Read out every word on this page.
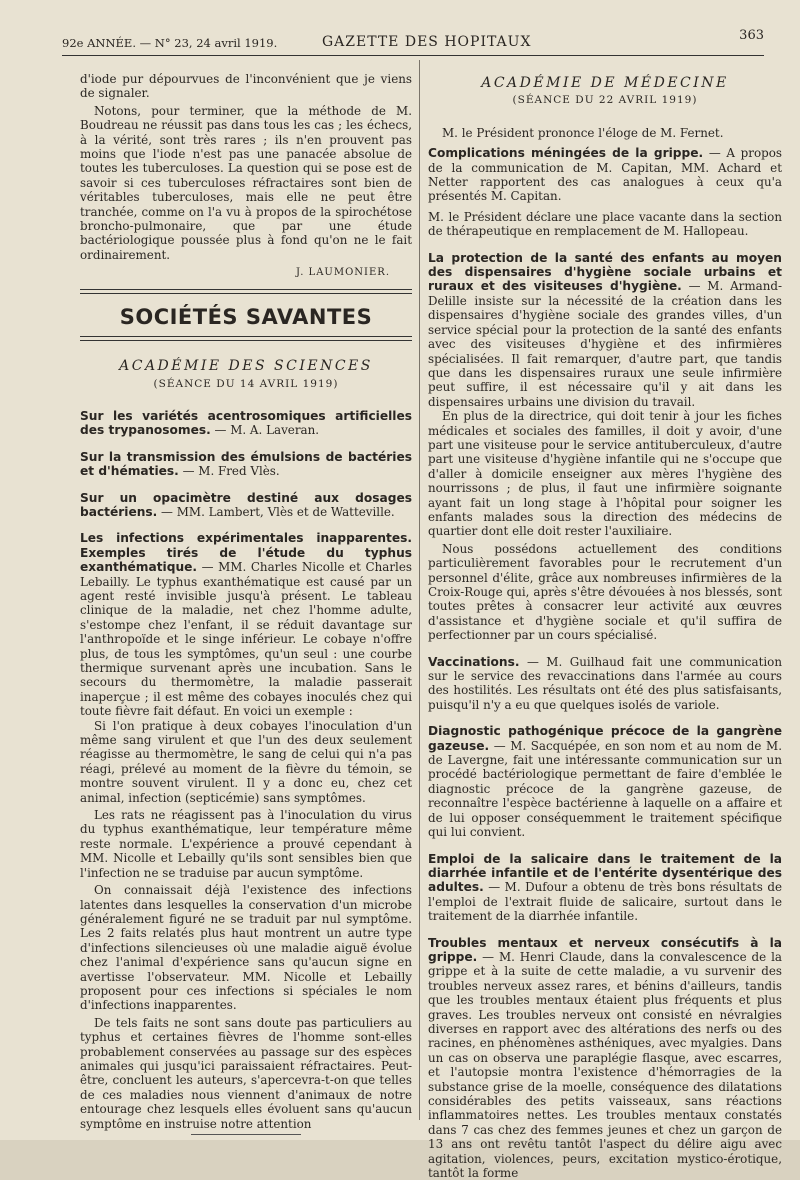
92e ANNÉE. — N° 23, 24 avril 1919.	GAZETTE DES HOPITAUX	363

d'iode pur dépourvues de l'inconvénient que je viens de signaler.

Notons, pour terminer, que la méthode de M. Boudreau ne réussit pas dans tous les cas ; les échecs, à la vérité, sont très rares ; ils n'en prouvent pas moins que l'iode n'est pas une panacée absolue de toutes les tuberculoses. La question qui se pose est de savoir si ces tuberculoses réfractaires sont bien de véritables tuberculoses, mais elle ne peut être tranchée, comme on l'a vu à propos de la spirochétose broncho-pulmonaire, que par une étude bactériologique poussée plus à fond qu'on ne le fait ordinairement.

J. LAUMONIER.
SOCIÉTÉS SAVANTES
ACADÉMIE DES SCIENCES
(SÉANCE DU 14 AVRIL 1919)
Sur les variétés acentrosomiques artificielles des trypanosomes. — M. A. Laveran.
Sur la transmission des émulsions de bactéries et d'hématies. — M. Fred Vlès.
Sur un opacimètre destiné aux dosages bactériens. — MM. Lambert, Vlès et de Watteville.
Les infections expérimentales inapparentes. Exemples tirés de l'étude du typhus exanthématique. — MM. Charles Nicolle et Charles Lebailly. Le typhus exanthématique est causé par un agent resté invisible jusqu'à présent. Le tableau clinique de la maladie, net chez l'homme adulte, s'estompe chez l'enfant, il se réduit davantage sur l'anthropoïde et le singe inférieur. Le cobaye n'offre plus, de tous les symptômes, qu'un seul : une courbe thermique survenant après une incubation. Sans le secours du thermomètre, la maladie passerait inaperçue ; il est même des cobayes inoculés chez qui toute fièvre fait défaut. En voici un exemple :

Si l'on pratique à deux cobayes l'inoculation d'un même sang virulent et que l'un des deux seulement réagisse au thermomètre, le sang de celui qui n'a pas réagi, prélevé au moment de la fièvre du témoin, se montre souvent virulent. Il y a donc eu, chez cet animal, infection (septicémie) sans symptômes.

Les rats ne réagissent pas à l'inoculation du virus du typhus exanthématique, leur température même reste normale. L'expérience a prouvé cependant à MM. Nicolle et Lebailly qu'ils sont sensibles bien que l'infection ne se traduise par aucun symptôme.

On connaissait déjà l'existence des infections latentes dans lesquelles la conservation d'un microbe généralement figuré ne se traduit par nul symptôme. Les 2 faits relatés plus haut montrent un autre type d'infections silencieuses où une maladie aiguë évolue chez l'animal d'expérience sans qu'aucun signe en avertisse l'observateur. MM. Nicolle et Lebailly proposent pour ces infections si spéciales le nom d'infections inapparentes.

De tels faits ne sont sans doute pas particuliers au typhus et certaines fièvres de l'homme sont-elles probablement conservées au passage sur des espèces animales qui jusqu'ici paraissaient réfractaires. Peut-être, concluent les auteurs, s'apercevra-t-on que telles de ces maladies nous viennent d'animaux de notre entourage chez lesquels elles évoluent sans qu'aucun symptôme en instruise notre attention

ACADÉMIE DE MÉDECINE
(SÉANCE DU 22 AVRIL 1919)

M. le Président prononce l'éloge de M. Fernet.

Complications méningées de la grippe. — A propos de la communication de M. Capitan, MM. Achard et Netter rapportent des cas analogues à ceux qu'a présentés M. Capitan.
M. le Président déclare une place vacante dans la section de thérapeutique en remplacement de M. Hallopeau.
La protection de la santé des enfants au moyen des dispensaires d'hygiène sociale urbains et ruraux et des visiteuses d'hygiène. — M. Armand-Delille insiste sur la nécessité de la création dans les dispensaires d'hygiène sociale des grandes villes, d'un service spécial pour la protection de la santé des enfants avec des visiteuses d'hygiène et des infirmières spécialisées. Il fait remarquer, d'autre part, que tandis que dans les dispensaires ruraux une seule infirmière peut suffire, il est nécessaire qu'il y ait dans les dispensaires urbains une division du travail.

En plus de la directrice, qui doit tenir à jour les fiches médicales et sociales des familles, il doit y avoir, d'une part une visiteuse pour le service antituberculeux, d'autre part une visiteuse d'hygiène infantile qui ne s'occupe que d'aller à domicile enseigner aux mères l'hygiène des nourrissons ; de plus, il faut une infirmière soignante ayant fait un long stage à l'hôpital pour soigner les enfants malades sous la direction des médecins de quartier dont elle doit rester l'auxiliaire.

Nous possédons actuellement des conditions particulièrement favorables pour le recrutement d'un personnel d'élite, grâce aux nombreuses infirmières de la Croix-Rouge qui, après s'être dévouées à nos blessés, sont toutes prêtes à consacrer leur activité aux œuvres d'assistance et d'hygiène sociale et qu'il suffira de perfectionner par un cours spécialisé.

Vaccinations. — M. Guilhaud fait une communication sur le service des revaccinations dans l'armée au cours des hostilités. Les résultats ont été des plus satisfaisants, puisqu'il n'y a eu que quelques isolés de variole.
Diagnostic pathogénique précoce de la gangrène gazeuse. — M. Sacquépée, en son nom et au nom de M. de Lavergne, fait une intéressante communication sur un procédé bactériologique permettant de faire d'emblée le diagnostic précoce de la gangrène gazeuse, de reconnaître l'espèce bactérienne à laquelle on a affaire et de lui opposer conséquemment le traitement spécifique qui lui convient.
Emploi de la salicaire dans le traitement de la diarrhée infantile et de l'entérite dysentérique des adultes. — M. Dufour a obtenu de très bons résultats de l'emploi de l'extrait fluide de salicaire, surtout dans le traitement de la diarrhée infantile.
Troubles mentaux et nerveux consécutifs à la grippe. — M. Henri Claude, dans la convalescence de la grippe et à la suite de cette maladie, a vu survenir des troubles nerveux assez rares, et bénins d'ailleurs, tandis que les troubles mentaux étaient plus fréquents et plus graves. Les troubles nerveux ont consisté en névralgies diverses en rapport avec des altérations des nerfs ou des racines, en phénomènes asthéniques, avec myalgies. Dans un cas on observa une paraplégie flasque, avec escarres, et l'autopsie montra l'existence d'hémorragies de la substance grise de la moelle, conséquence des dilatations considérables des petits vaisseaux, sans réactions inflammatoires nettes. Les troubles mentaux constatés dans 7 cas chez des femmes jeunes et chez un garçon de 13 ans ont revêtu tantôt l'aspect du délire aigu avec agitation, violences, peurs, excitation mystico-érotique, tantôt la forme
